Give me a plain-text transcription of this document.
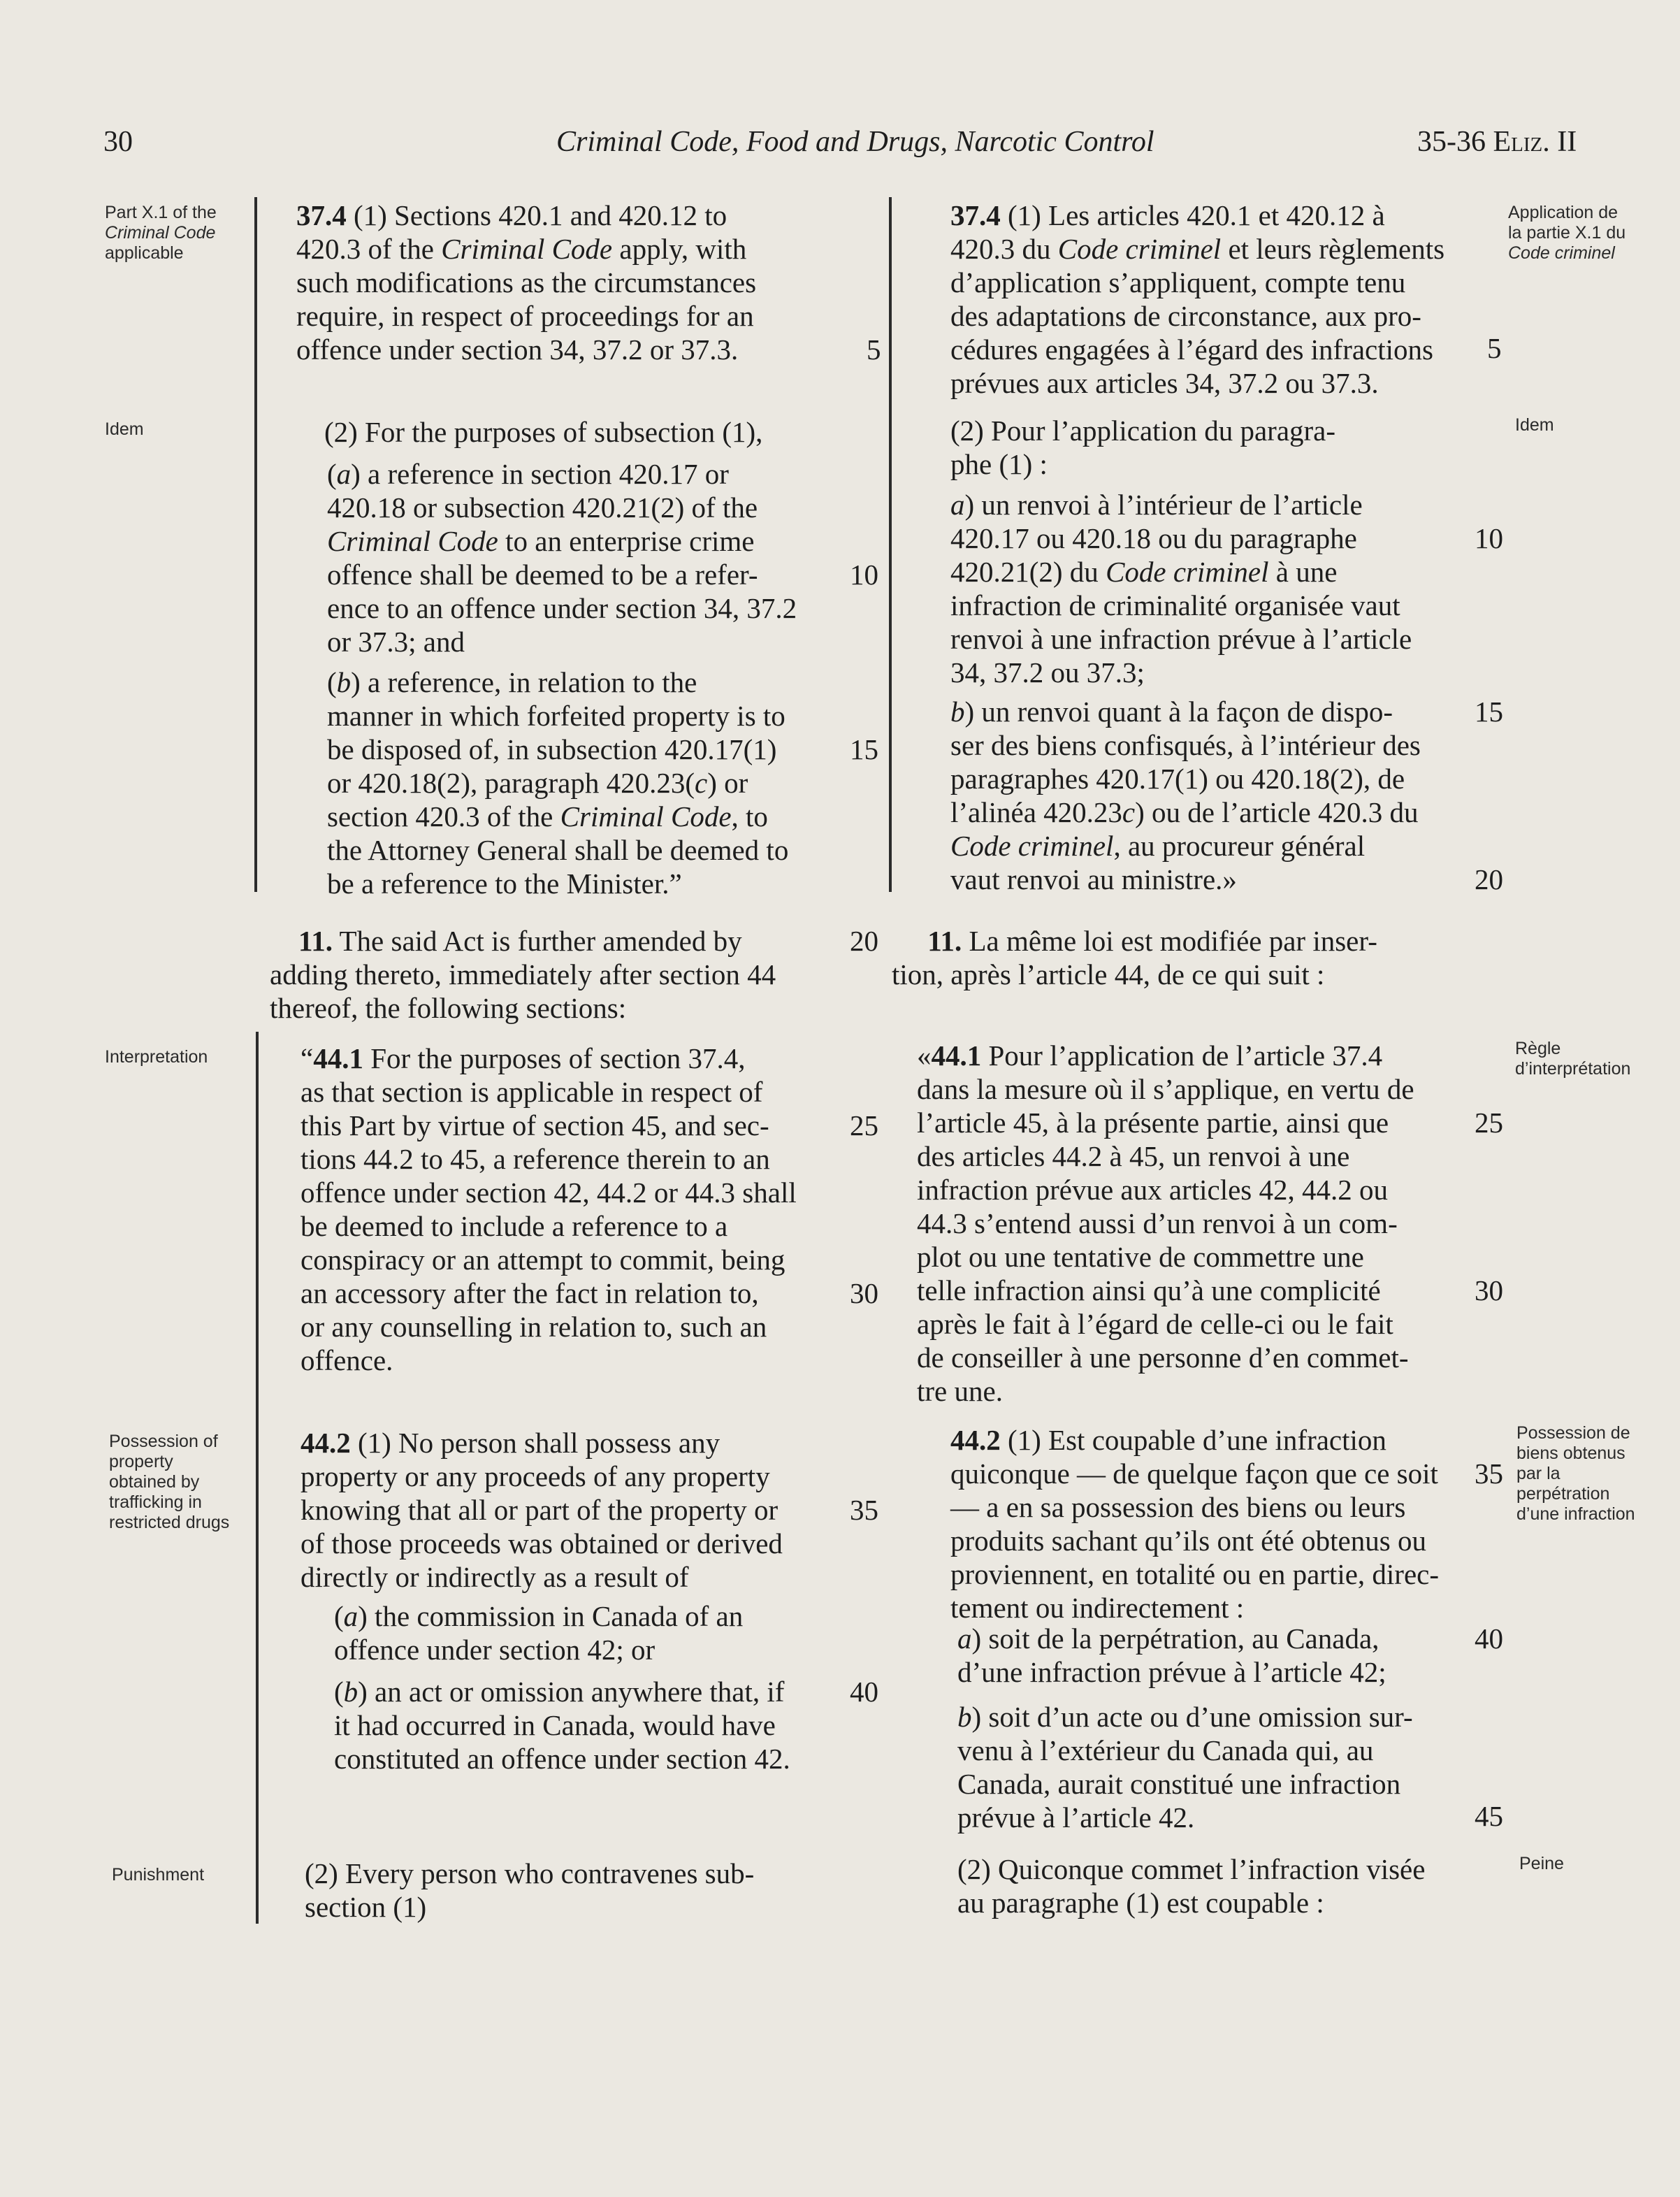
30	Criminal Code, Food and Drugs, Narcotic Control	35-36 Eliz. II
Part X.1 of the
Criminal Code
applicable
Idem
Interpretation
Possession of
property
obtained by
trafficking in
restricted drugs
Punishment
Application de
la partie X.1 du
Code criminel
Idem
Règle
d’interprétation
Possession de
biens obtenus
par la
perpétration
d’une infraction
Peine
37.4 (1) Sections 420.1 and 420.12 to
420.3 of the Criminal Code apply, with
such modifications as the circumstances
require, in respect of proceedings for an
offence under section 34, 37.2 or 37.3.
(2) For the purposes of subsection (1),
(a) a reference in section 420.17 or
420.18 or subsection 420.21(2) of the
Criminal Code to an enterprise crime
offence shall be deemed to be a refer-
ence to an offence under section 34, 37.2
or 37.3; and
(b) a reference, in relation to the
manner in which forfeited property is to
be disposed of, in subsection 420.17(1)
or 420.18(2), paragraph 420.23(c) or
section 420.3 of the Criminal Code, to
the Attorney General shall be deemed to
be a reference to the Minister.”
11. The said Act is further amended by
adding thereto, immediately after section 44
thereof, the following sections:
“44.1 For the purposes of section 37.4,
as that section is applicable in respect of
this Part by virtue of section 45, and sec-
tions 44.2 to 45, a reference therein to an
offence under section 42, 44.2 or 44.3 shall
be deemed to include a reference to a
conspiracy or an attempt to commit, being
an accessory after the fact in relation to,
or any counselling in relation to, such an
offence.
44.2 (1) No person shall possess any
property or any proceeds of any property
knowing that all or part of the property or
of those proceeds was obtained or derived
directly or indirectly as a result of
(a) the commission in Canada of an
offence under section 42; or
(b) an act or omission anywhere that, if
it had occurred in Canada, would have
constituted an offence under section 42.
(2) Every person who contravenes sub-
section (1)
5
10
15
20
25
30
35
40
37.4 (1) Les articles 420.1 et 420.12 à
420.3 du Code criminel et leurs règlements
d’application s’appliquent, compte tenu
des adaptations de circonstance, aux pro-
cédures engagées à l’égard des infractions
prévues aux articles 34, 37.2 ou 37.3.
(2) Pour l’application du paragra-
phe (1) :
a) un renvoi à l’intérieur de l’article
420.17 ou 420.18 ou du paragraphe
420.21(2) du Code criminel à une
infraction de criminalité organisée vaut
renvoi à une infraction prévue à l’article
34, 37.2 ou 37.3;
b) un renvoi quant à la façon de dispo-
ser des biens confisqués, à l’intérieur des
paragraphes 420.17(1) ou 420.18(2), de
l’alinéa 420.23c) ou de l’article 420.3 du
Code criminel, au procureur général
vaut renvoi au ministre.»
11. La même loi est modifiée par inser-
tion, après l’article 44, de ce qui suit :
«44.1 Pour l’application de l’article 37.4
dans la mesure où il s’applique, en vertu de
l’article 45, à la présente partie, ainsi que
des articles 44.2 à 45, un renvoi à une
infraction prévue aux articles 42, 44.2 ou
44.3 s’entend aussi d’un renvoi à un com-
plot ou une tentative de commettre une
telle infraction ainsi qu’à une complicité
après le fait à l’égard de celle-ci ou le fait
de conseiller à une personne d’en commet-
tre une.
44.2 (1) Est coupable d’une infraction
quiconque — de quelque façon que ce soit
— a en sa possession des biens ou leurs
produits sachant qu’ils ont été obtenus ou
proviennent, en totalité ou en partie, direc-
tement ou indirectement :
a) soit de la perpétration, au Canada,
d’une infraction prévue à l’article 42;
b) soit d’un acte ou d’une omission sur-
venu à l’extérieur du Canada qui, au
Canada, aurait constitué une infraction
prévue à l’article 42.
(2) Quiconque commet l’infraction visée
au paragraphe (1) est coupable :
5
10
15
20
25
30
35
40
45
